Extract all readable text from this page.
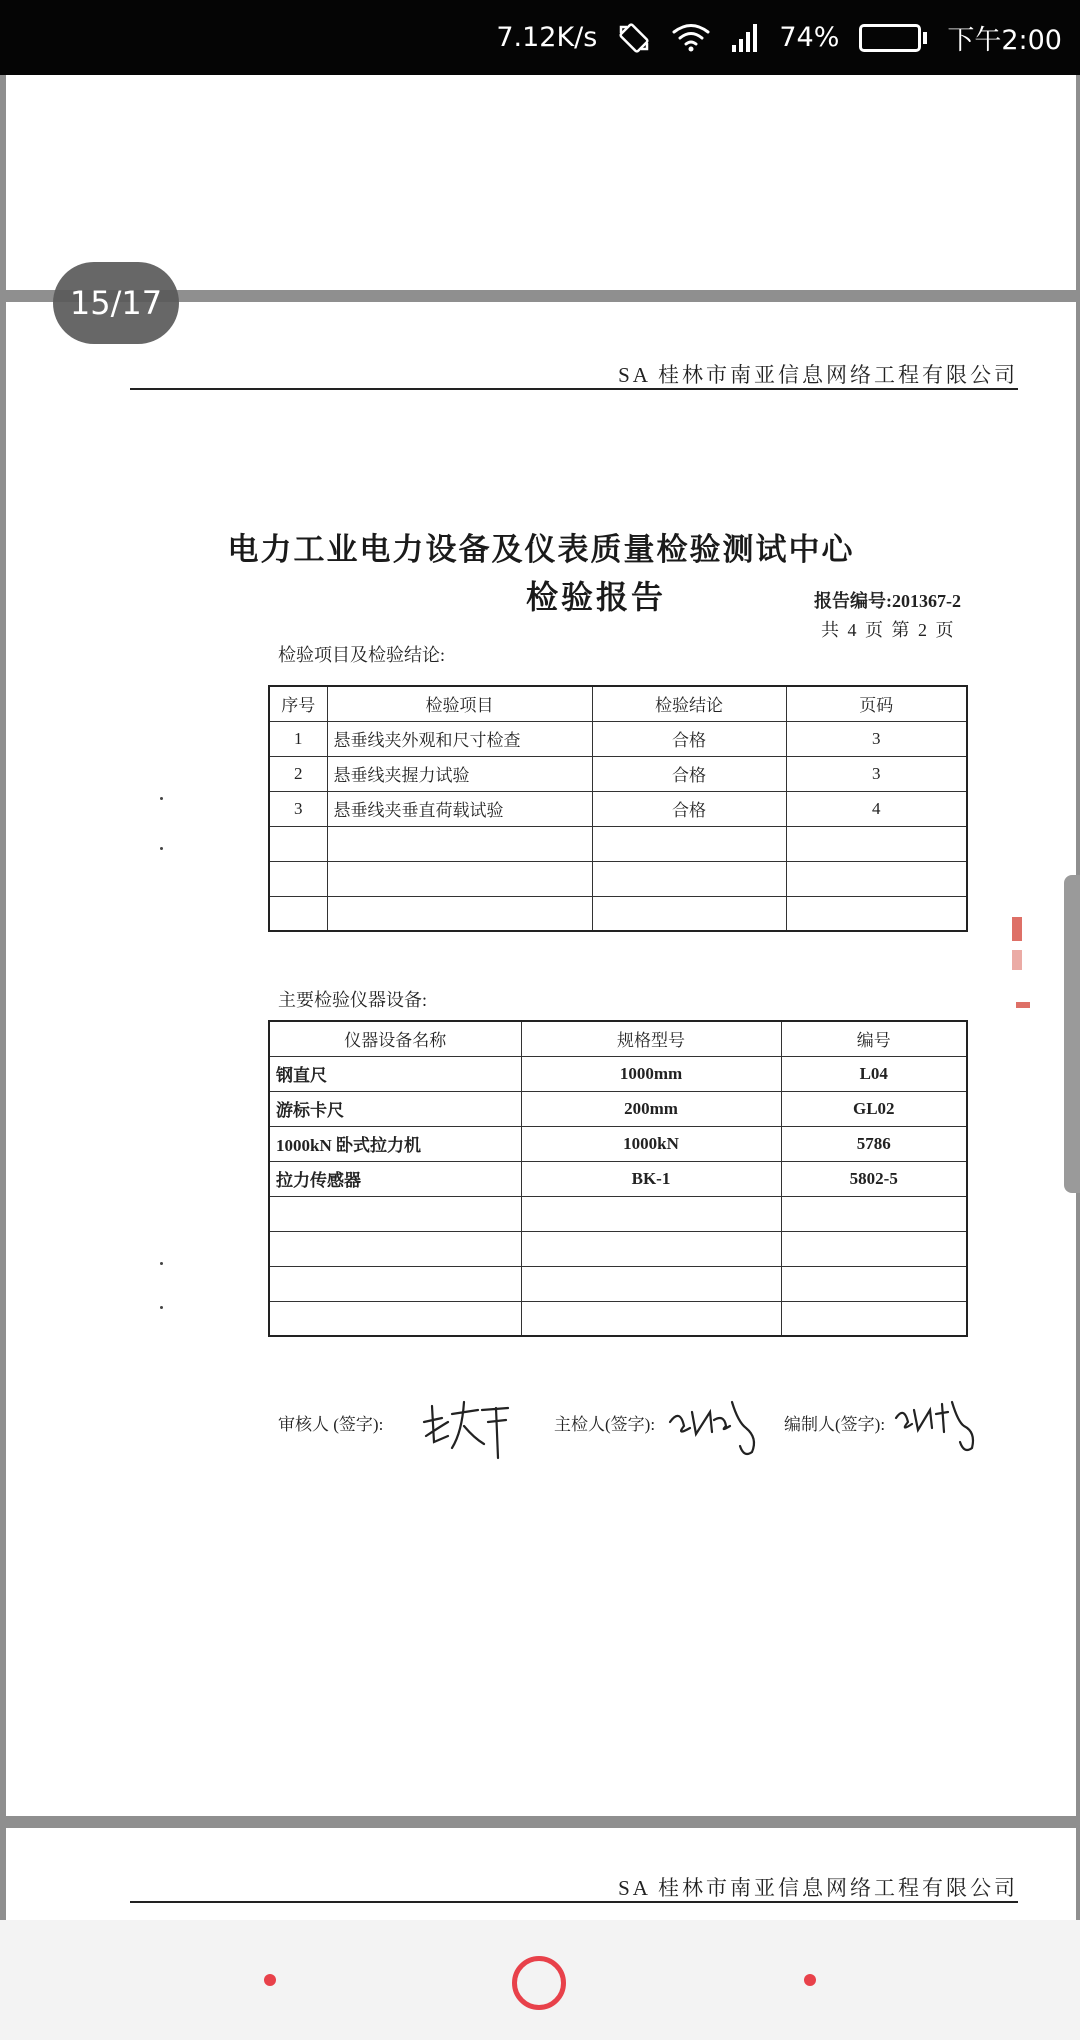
7.12K/s	74%	下午2:00
SA 桂林市南亚信息网络工程有限公司
电力工业电力设备及仪表质量检验测试中心
检验报告	报告编号:201367-2
共 4 页 第 2 页
检验项目及检验结论:
序号	检验项目	检验结论	页码
1	悬垂线夹外观和尺寸检查	合格	3
2	悬垂线夹握力试验	合格	3
3	悬垂线夹垂直荷载试验	合格	4

主要检验仪器设备:
仪器设备名称	规格型号	编号
钢直尺	1000mm	L04
游标卡尺	200mm	GL02
1000kN 卧式拉力机	1000kN	5786
拉力传感器	BK-1	5802-5

审核人 (签字):	主检人(签字):	编制人(签字):
SA 桂林市南亚信息网络工程有限公司
15/17
